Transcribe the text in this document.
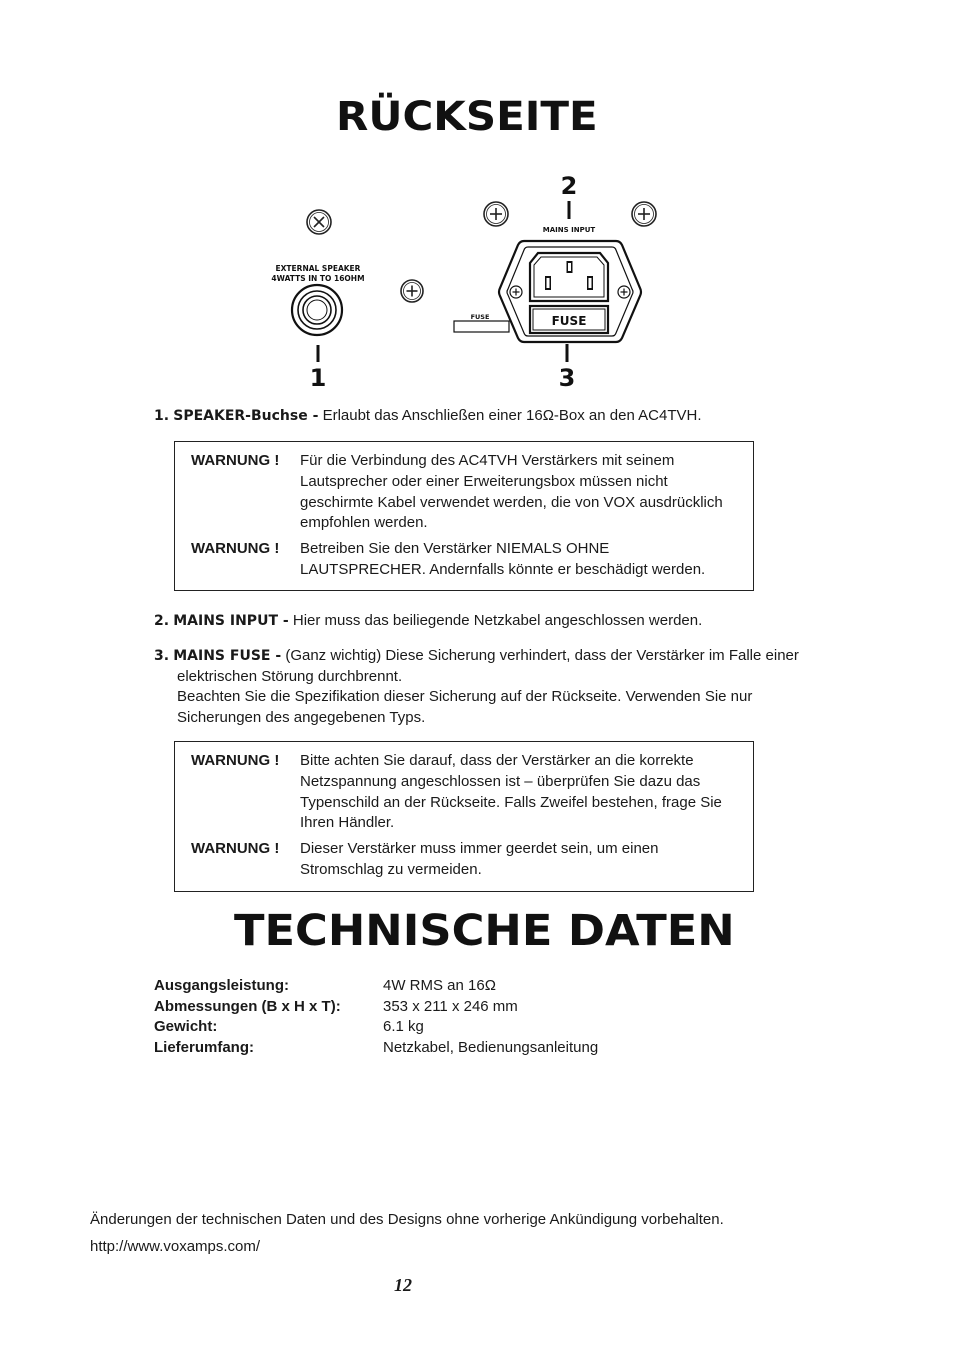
RÜCKSEITE
EXTERNAL SPEAKER
4WATTS IN TO 16OHM
1
2
MAINS INPUT
FUSE	FUSE
3
1. SPEAKER-Buchse - Erlaubt das Anschließen einer 16Ω-Box an den AC4TVH.
WARNUNG !	Für die Verbindung des AC4TVH Verstärkers mit seinem Lautsprecher oder einer Erweiterungsbox müssen nicht geschirmte Kabel verwendet werden, die von VOX ausdrücklich empfohlen werden.
WARNUNG !	Betreiben Sie den Verstärker NIEMALS OHNE LAUTSPRECHER. Andernfalls könnte er beschädigt werden.
2. MAINS INPUT - Hier muss das beiliegende Netzkabel angeschlossen werden.
3. MAINS FUSE - (Ganz wichtig) Diese Sicherung verhindert, dass der Verstärker im Falle einer elektrischen Störung durchbrennt.
Beachten Sie die Spezifikation dieser Sicherung auf der Rückseite. Verwenden Sie nur Sicherungen des angegebenen Typs.
WARNUNG !	Bitte achten Sie darauf, dass der Verstärker an die korrekte Netzspannung angeschlossen ist – überprüfen Sie dazu das Typenschild an der Rückseite. Falls Zweifel bestehen, frage Sie Ihren Händler.
WARNUNG !	Dieser Verstärker muss immer geerdet sein, um einen Stromschlag zu vermeiden.
TECHNISCHE DATEN
Ausgangsleistung:	4W RMS an 16Ω
Abmessungen (B x H x T):	353 x 211 x 246 mm
Gewicht:	6.1 kg
Lieferumfang:	Netzkabel, Bedienungsanleitung
Änderungen der technischen Daten und des Designs ohne vorherige Ankündigung vorbehalten.
http://www.voxamps.com/
12
